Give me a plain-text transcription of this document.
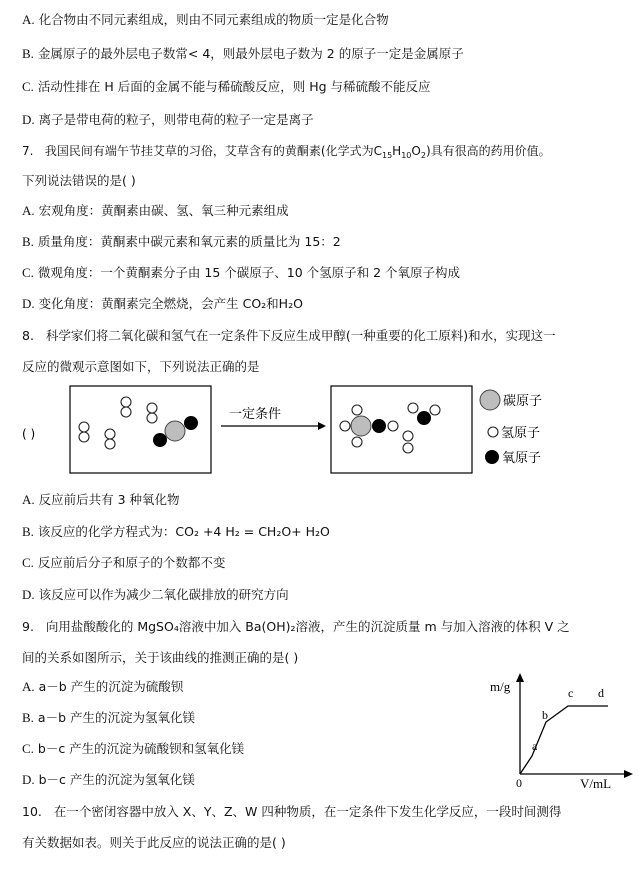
A. 化合物由不同元素组成，则由不同元素组成的物质一定是化合物
B. 金属原子的最外层电子数常< 4，则最外层电子数为 2 的原子一定是金属原子
C. 活动性排在 H 后面的金属不能与稀硫酸反应，则 Hg 与稀硫酸不能反应
D. 离子是带电荷的粒子，则带电荷的粒子一定是离子
7. 我国民间有端午节挂艾草的习俗，艾草含有的黄酮素(化学式为$C_{15}H_{10}O_2$)具有很高的药用价值。
下列说法错误的是( )
A. 宏观角度：黄酮素由碳、氢、氧三种元素组成
B. 质量角度：黄酮素中碳元素和氧元素的质量比为 15：2
C. 微观角度：一个黄酮素分子由 15 个碳原子、10 个氢原子和 2 个氧原子构成
D. 变化角度：黄酮素完全燃烧，会产生 CO₂和H₂O
8. 科学家们将二氧化碳和氢气在一定条件下反应生成甲醇(一种重要的化工原料)和水，实现这一
反应的微观示意图如下，下列说法正确的是
( )
一定条件
碳原子
氢原子
氧原子
A. 反应前后共有 3 种氧化物
B. 该反应的化学方程式为：CO₂ +4 H₂ = CH₂O+ H₂O
C. 反应前后分子和原子的个数都不变
D. 该反应可以作为减少二氧化碳排放的研究方向
9. 向用盐酸酸化的 MgSO₄溶液中加入 Ba(OH)₂溶液，产生的沉淀质量 m 与加入溶液的体积 V 之
间的关系如图所示，关于该曲线的推测正确的是( )
A. a－b 产生的沉淀为硫酸钡
B. a－b 产生的沉淀为氢氧化镁
C. b－c 产生的沉淀为硫酸钡和氢氧化镁
D. b－c 产生的沉淀为氢氧化镁
m/g
V/mL
0
a
b
c d
10. 在一个密闭容器中放入 X、Y、Z、W 四种物质，在一定条件下发生化学反应，一段时间测得
有关数据如表。则关于此反应的说法正确的是( )
